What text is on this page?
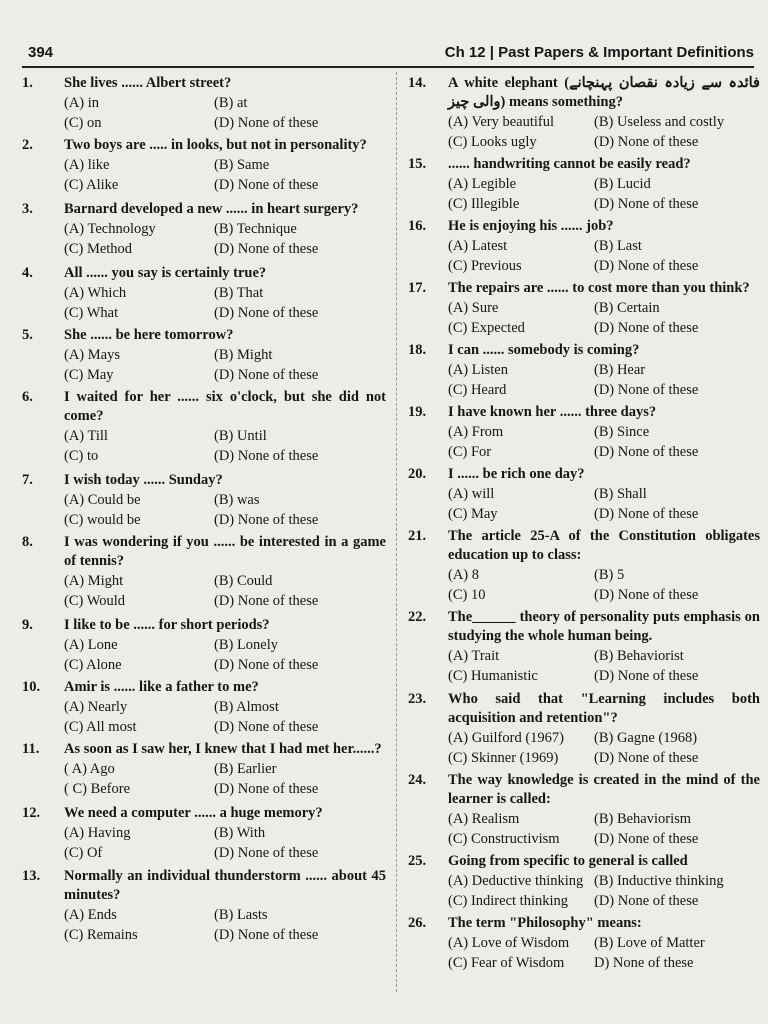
394	Ch 12 | Past Papers & Important Definitions
1. She lives ...... Albert street?
(A) in	(B) at
(C) on	(D) None of these
2. Two boys are ..... in looks, but not in personality?
(A) like	(B) Same
(C) Alike	(D) None of these
3. Barnard developed a new ...... in heart surgery?
(A) Technology	(B) Technique
(C) Method	(D) None of these
4. All ...... you say is certainly true?
(A) Which	(B) That
(C) What	(D) None of these
5. She ...... be here tomorrow?
(A) Mays	(B) Might
(C) May	(D) None of these
6. I waited for her ...... six o'clock, but she did not come?
(A) Till	(B) Until
(C) to	(D) None of these
7. I wish today ...... Sunday?
(A) Could be	(B) was
(C) would be	(D) None of these
8. I was wondering if you ...... be interested in a game of tennis?
(A) Might	(B) Could
(C) Would	(D) None of these
9. I like to be ...... for short periods?
(A) Lone	(B) Lonely
(C) Alone	(D) None of these
10. Amir is ...... like a father to me?
(A) Nearly	(B) Almost
(C) All most	(D) None of these
11. As soon as I saw her, I knew that I had met her......?
( A) Ago	(B) Earlier
( C) Before	(D) None of these
12. We need a computer ...... a huge memory?
(A) Having	(B) With
(C) Of	(D) None of these
13. Normally an individual thunderstorm ...... about 45 minutes?
(A) Ends	(B) Lasts
(C) Remains	(D) None of these
14. A white elephant (فائدہ سے زیادہ نقصان پہنچانے والی چیز) means something?
(A) Very beautiful	(B) Useless and costly
(C) Looks ugly	(D) None of these
15. ...... handwriting cannot be easily read?
(A) Legible	(B) Lucid
(C) Illegible	(D) None of these
16. He is enjoying his ...... job?
(A) Latest	(B) Last
(C) Previous	(D) None of these
17. The repairs are ...... to cost more than you think?
(A) Sure	(B) Certain
(C) Expected	(D) None of these
18. I can ...... somebody is coming?
(A) Listen	(B) Hear
(C) Heard	(D) None of these
19. I have known her ...... three days?
(A) From	(B) Since
(C) For	(D) None of these
20. I ...... be rich one day?
(A) will	(B) Shall
(C) May	(D) None of these
21. The article 25-A of the Constitution obligates education up to class:
(A) 8	(B) 5
(C) 10	(D) None of these
22. The______ theory of personality puts emphasis on studying the whole human being.
(A) Trait	(B) Behaviorist
(C) Humanistic	(D) None of these
23. Who said that "Learning includes both acquisition and retention"?
(A) Guilford (1967)	(B) Gagne (1968)
(C) Skinner (1969)	(D) None of these
24. The way knowledge is created in the mind of the learner is called:
(A) Realism	(B) Behaviorism
(C) Constructivism	(D) None of these
25. Going from specific to general is called
(A) Deductive thinking (B) Inductive thinking
(C) Indirect thinking	(D) None of these
26. The term "Philosophy" means:
(A) Love of Wisdom	(B) Love of Matter
(C) Fear of Wisdom	D) None of these
